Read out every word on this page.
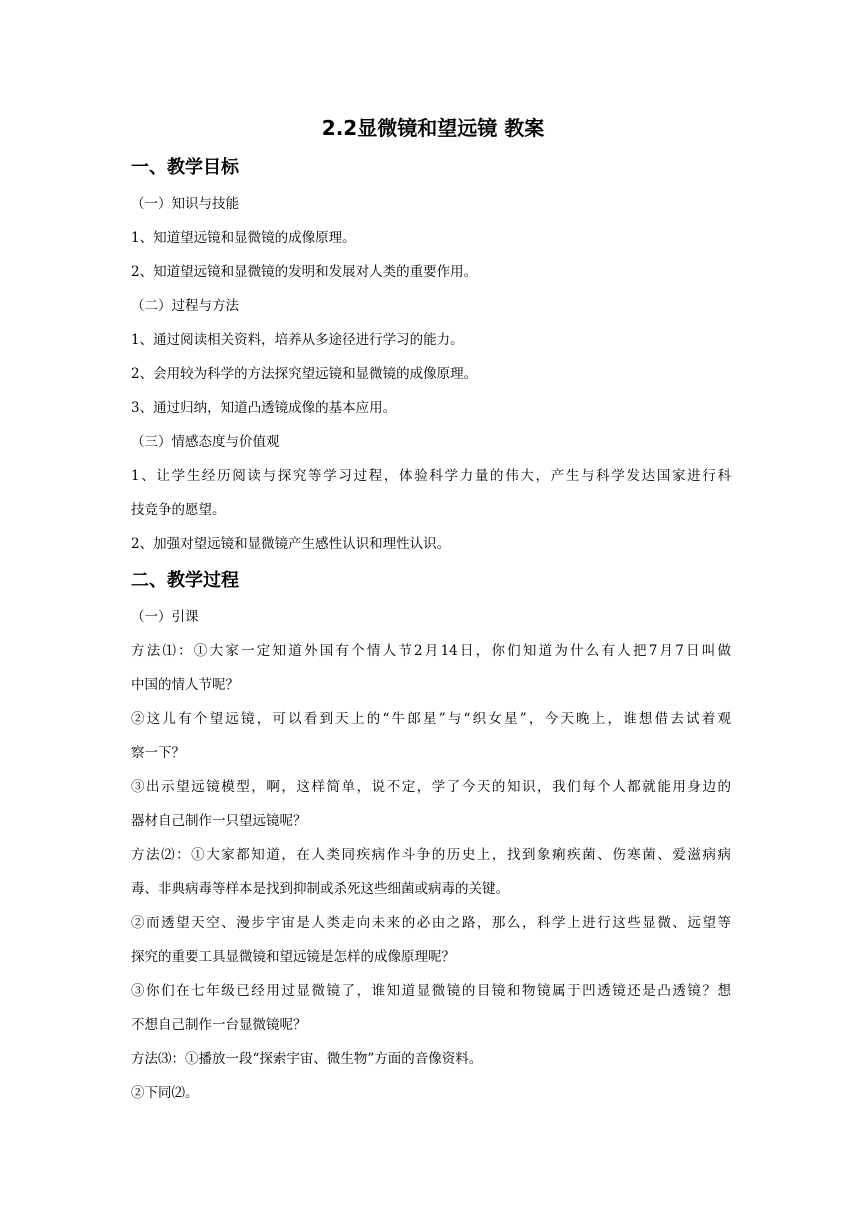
2.2显微镜和望远镜 教案
一、教学目标

（一）知识与技能

1、知道望远镜和显微镜的成像原理。

2、知道望远镜和显微镜的发明和发展对人类的重要作用。

（二）过程与方法

1、通过阅读相关资料，培养从多途径进行学习的能力。

2、会用较为科学的方法探究望远镜和显微镜的成像原理。

3、通过归纳，知道凸透镜成像的基本应用。

（三）情感态度与价值观

1、让学生经历阅读与探究等学习过程，体验科学力量的伟大，产生与科学发达国家进行科

技竞争的愿望。

2、加强对望远镜和显微镜产生感性认识和理性认识。

二、教学过程

（一）引课

方法⑴：①大家一定知道外国有个情人节2月14日，你们知道为什么有人把7月7日叫做

中国的情人节呢？

②这儿有个望远镜，可以看到天上的“牛郎星”与“织女星”，今天晚上，谁想借去试着观

察一下？

③出示望远镜模型，啊，这样简单，说不定，学了今天的知识，我们每个人都就能用身边的

器材自己制作一只望远镜呢？

方法⑵：①大家都知道，在人类同疾病作斗争的历史上，找到象痢疾菌、伤寒菌、爱滋病病

毒、非典病毒等样本是找到抑制或杀死这些细菌或病毒的关键。

②而透望天空、漫步宇宙是人类走向未来的必由之路，那么，科学上进行这些显微、远望等

探究的重要工具显微镜和望远镜是怎样的成像原理呢？

③你们在七年级已经用过显微镜了，谁知道显微镜的目镜和物镜属于凹透镜还是凸透镜？想

不想自己制作一台显微镜呢？

方法⑶：①播放一段“探索宇宙、微生物”方面的音像资料。

②下同⑵。
